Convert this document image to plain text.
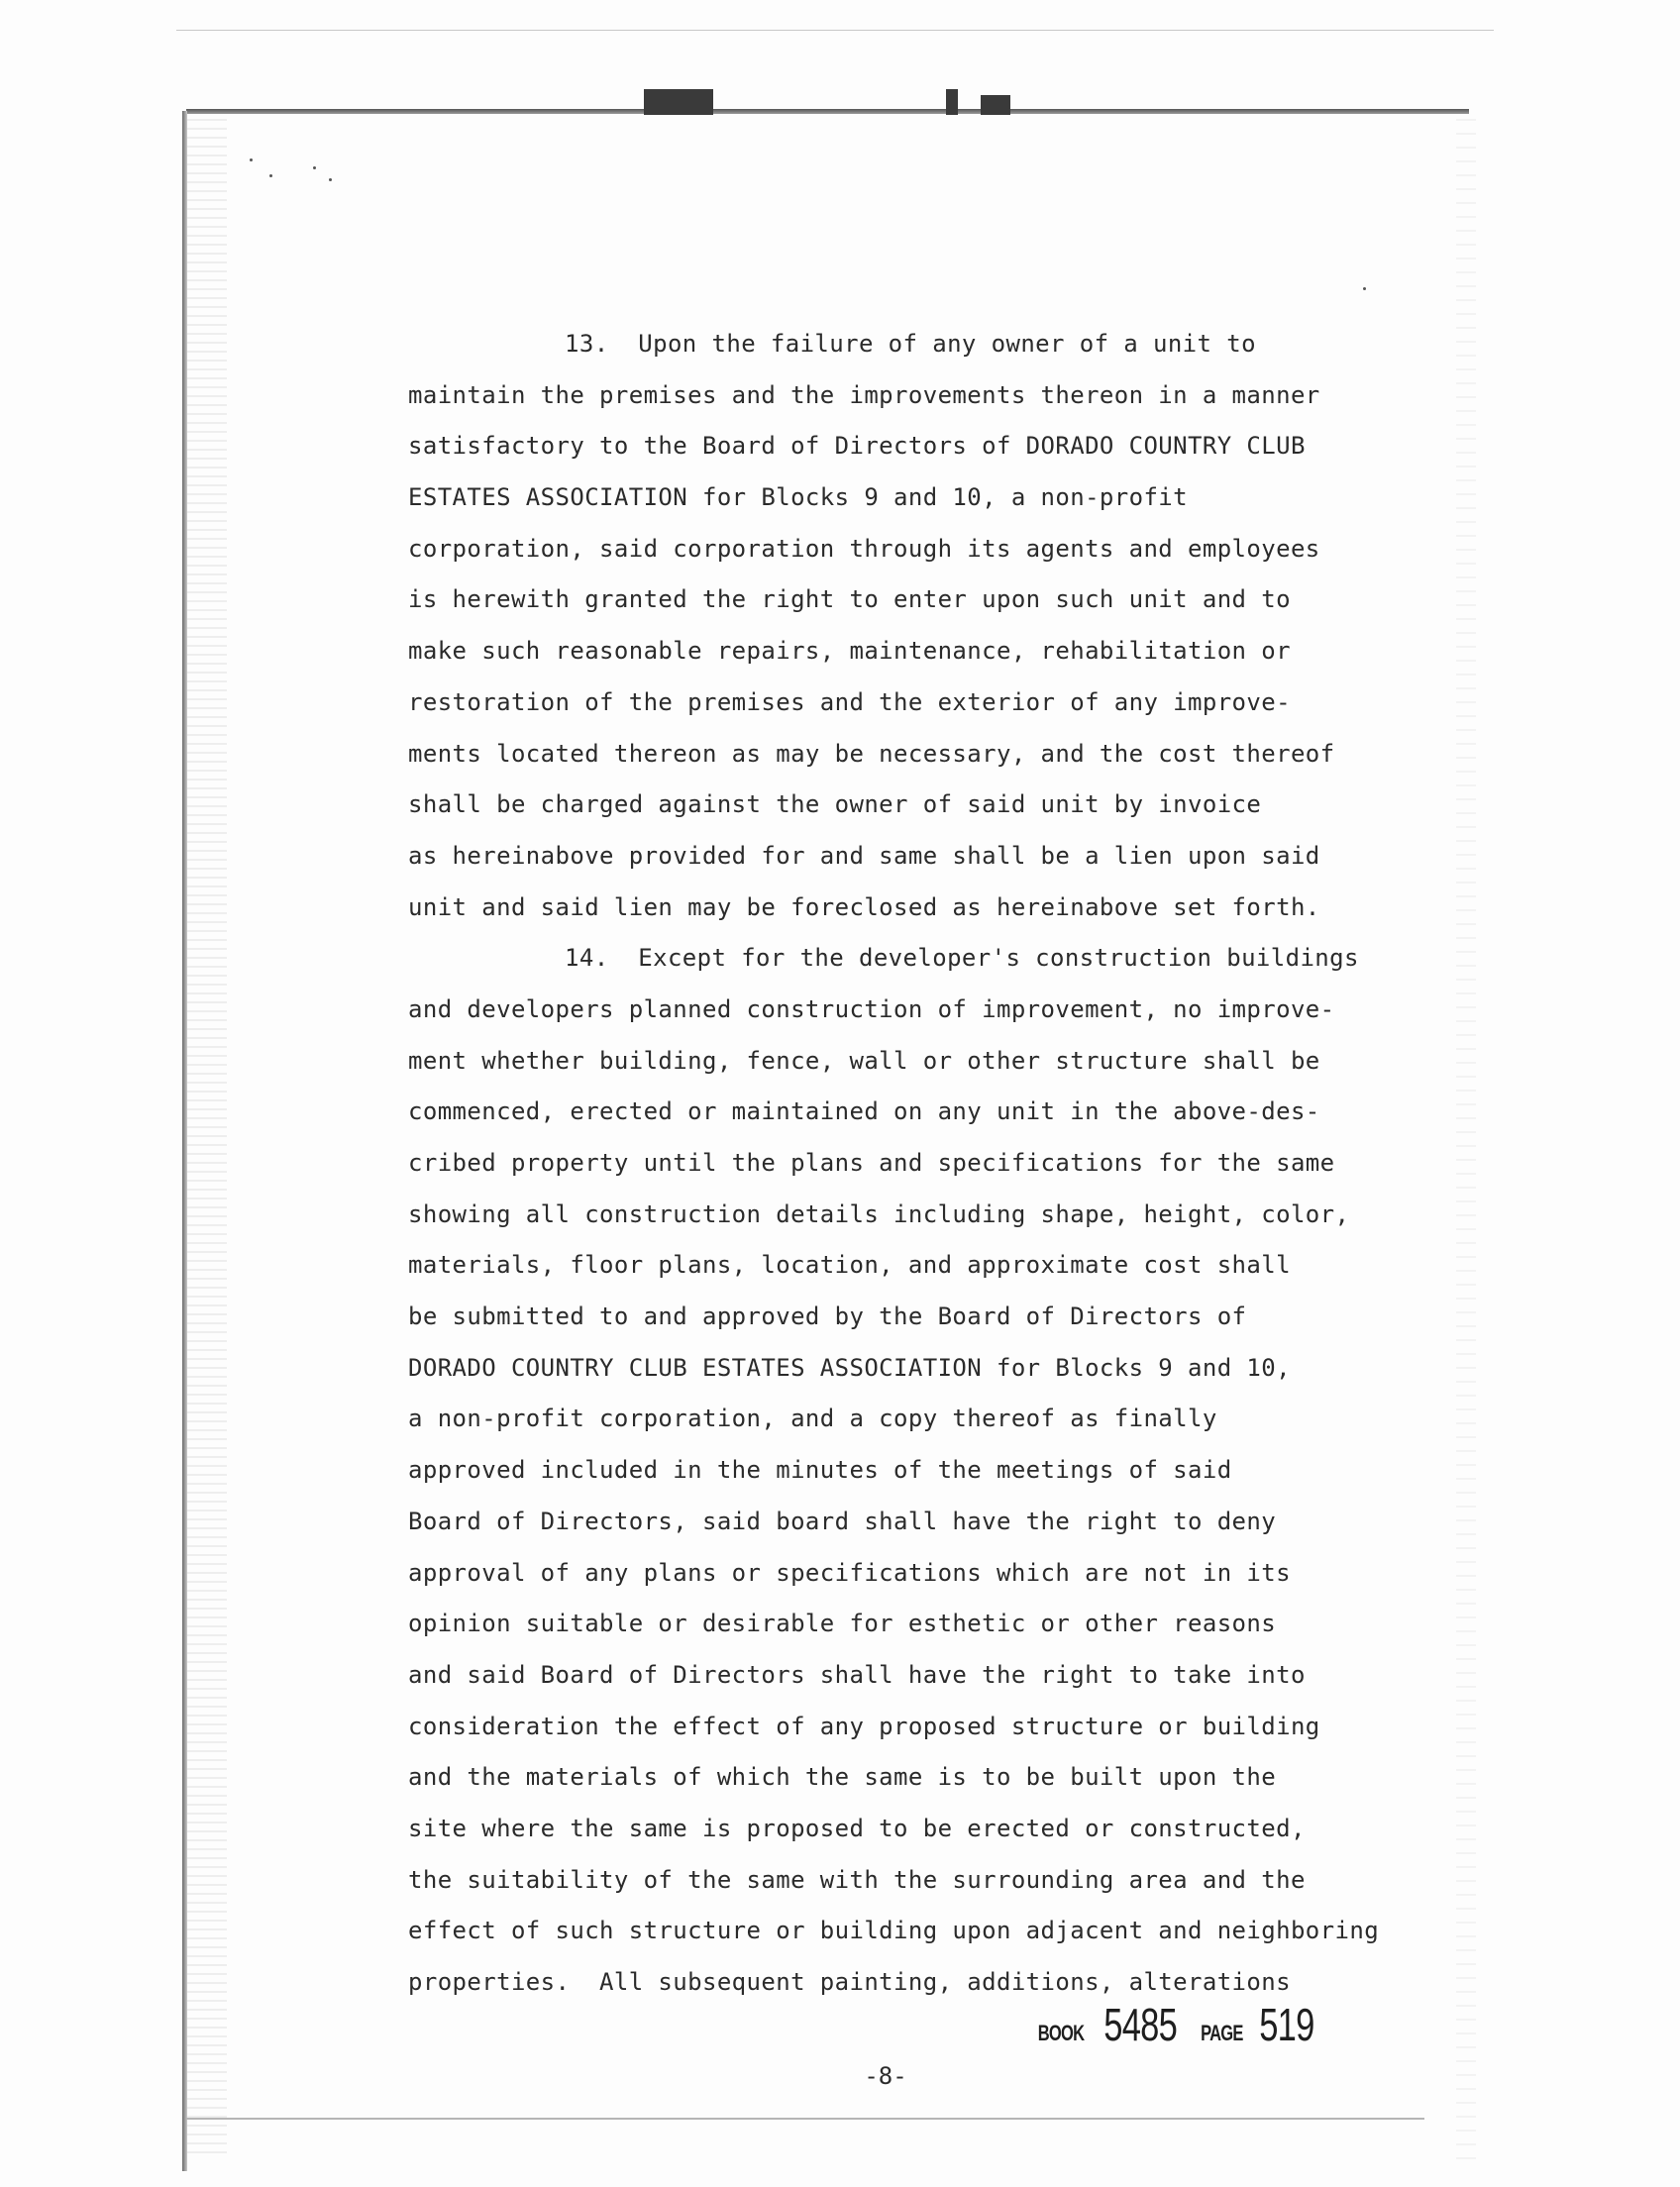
13.  Upon the failure of any owner of a unit to
maintain the premises and the improvements thereon in a manner
satisfactory to the Board of Directors of DORADO COUNTRY CLUB
ESTATES ASSOCIATION for Blocks 9 and 10, a non-profit
corporation, said corporation through its agents and employees
is herewith granted the right to enter upon such unit and to
make such reasonable repairs, maintenance, rehabilitation or
restoration of the premises and the exterior of any improve-
ments located thereon as may be necessary, and the cost thereof
shall be charged against the owner of said unit by invoice
as hereinabove provided for and same shall be a lien upon said
unit and said lien may be foreclosed as hereinabove set forth.
14.  Except for the developer's construction buildings
and developers planned construction of improvement, no improve-
ment whether building, fence, wall or other structure shall be
commenced, erected or maintained on any unit in the above-des-
cribed property until the plans and specifications for the same
showing all construction details including shape, height, color,
materials, floor plans, location, and approximate cost shall
be submitted to and approved by the Board of Directors of
DORADO COUNTRY CLUB ESTATES ASSOCIATION for Blocks 9 and 10,
a non-profit corporation, and a copy thereof as finally
approved included in the minutes of the meetings of said
Board of Directors, said board shall have the right to deny
approval of any plans or specifications which are not in its
opinion suitable or desirable for esthetic or other reasons
and said Board of Directors shall have the right to take into
consideration the effect of any proposed structure or building
and the materials of which the same is to be built upon the
site where the same is proposed to be erected or constructed,
the suitability of the same with the surrounding area and the
effect of such structure or building upon adjacent and neighboring
properties.  All subsequent painting, additions, alterations
BOOK 5485 PAGE 519
-8-
